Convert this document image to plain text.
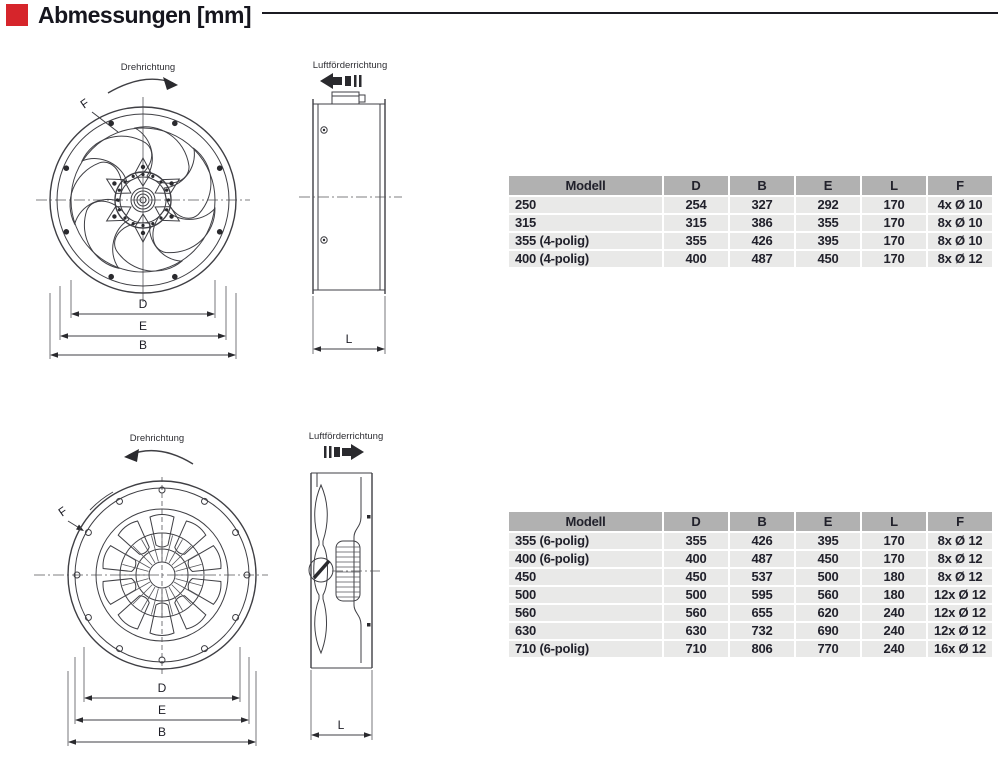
Abmessungen [mm]
Drehrichtung
F
D
E
B
Luftförderrichtung
L
Drehrichtung
F
D
E
B
Luftförderrichtung
L
Modell	D	B	E	L	F
250	254	327	292	170	4x Ø 10
315	315	386	355	170	8x Ø 10
355 (4-polig)	355	426	395	170	8x Ø 10
400 (4-polig)	400	487	450	170	8x Ø 12
Modell	D	B	E	L	F
355 (6-polig)	355	426	395	170	8x Ø 12
400 (6-polig)	400	487	450	170	8x Ø 12
450	450	537	500	180	8x Ø 12
500	500	595	560	180	12x Ø 12
560	560	655	620	240	12x Ø 12
630	630	732	690	240	12x Ø 12
710 (6-polig)	710	806	770	240	16x Ø 12
